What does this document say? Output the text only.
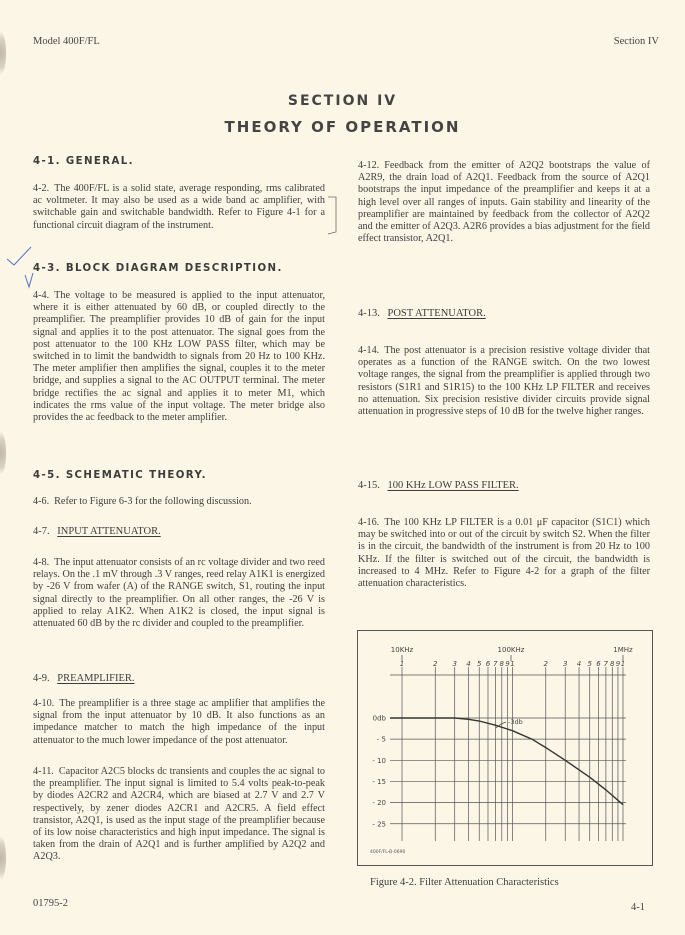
Model 400F/FL	Section IV
SECTION IV
THEORY OF OPERATION
4-1. GENERAL.

4-2. The 400F/FL is a solid state, average responding, rms calibrated ac voltmeter. It may also be used as a wide band ac amplifier, with switchable gain and switchable bandwidth. Refer to Figure 4-1 for a functional circuit diagram of the instrument.

4-3. BLOCK DIAGRAM DESCRIPTION.

4-4. The voltage to be measured is applied to the input attenuator, where it is either attenuated by 60 dB, or coupled directly to the preamplifier. The preamplifier provides 10 dB of gain for the input signal and applies it to the post attenuator. The signal goes from the post attenuator to the 100 KHz LOW PASS filter, which may be switched in to limit the bandwidth to signals from 20 Hz to 100 KHz. The meter amplifier then amplifies the signal, couples it to the meter bridge, and supplies a signal to the AC OUTPUT terminal. The meter bridge rectifies the ac signal and applies it to meter M1, which indicates the rms value of the input voltage. The meter bridge also provides the ac feedback to the meter amplifier.

4-5. SCHEMATIC THEORY.
4-6. Refer to Figure 6-3 for the following discussion.
4-7. INPUT ATTENUATOR.

4-8. The input attenuator consists of an rc voltage divider and two reed relays. On the .1 mV through .3 V ranges, reed relay A1K1 is energized by -26 V from wafer (A) of the RANGE switch, S1, routing the input signal directly to the preamplifier. On all other ranges, the -26 V is applied to relay A1K2. When A1K2 is closed, the input signal is attenuated 60 dB by the rc divider and coupled to the preamplifier.

4-9. PREAMPLIFIER.

4-10. The preamplifier is a three stage ac amplifier that amplifies the signal from the input attenuator by 10 dB. It also functions as an impedance matcher to match the high impedance of the input attenuator to the much lower impedance of the post attenuator.

4-11. Capacitor A2C5 blocks dc transients and couples the ac signal to the preamplifier. The input signal is limited to 5.4 volts peak-to-peak by diodes A2CR2 and A2CR4, which are biased at 2.7 V and 2.7 V respectively, by zener diodes A2CR1 and A2CR5. A field effect transistor, A2Q1, is used as the input stage of the preamplifier because of its low noise characteristics and high input impedance. The signal is taken from the drain of A2Q1 and is further amplified by A2Q2 and A2Q3.

4-12. Feedback from the emitter of A2Q2 bootstraps the value of A2R9, the drain load of A2Q1. Feedback from the source of A2Q1 bootstraps the input impedance of the preamplifier and keeps it at a high level over all ranges of inputs. Gain stability and linearity of the preamplifier are maintained by feedback from the collector of A2Q2 and the emitter of A2Q3. A2R6 provides a bias adjustment for the field effect transistor, A2Q1.

4-13. POST ATTENUATOR.

4-14. The post attenuator is a precision resistive voltage divider that operates as a function of the RANGE switch. On the two lowest voltage ranges, the signal from the preamplifier is applied through two resistors (S1R1 and S1R15) to the 100 KHz LP FILTER and receives no attenuation. Six precision resistive divider circuits provide signal attenuation in progressive steps of 10 dB for the twelve higher ranges.

4-15. 100 KHz LOW PASS FILTER.

4-16. The 100 KHz LP FILTER is a 0.01 μF capacitor (S1C1) which may be switched into or out of the circuit by switch S2. When the filter is in the circuit, the bandwidth of the instrument is from 20 Hz to 100 KHz. If the filter is switched out of the circuit, the bandwidth is increased to 4 MHz. Refer to Figure 4-2 for a graph of the filter attenuation characteristics.

10KHz	100KHz	1MHz
1	2 3 4 5 6 7 8 9 1	2 3 4 5 6 7 8 9 1
0db
- 5
- 10
- 15
- 20
- 25
-3db
400F/FL-B-0690
Figure 4-2. Filter Attenuation Characteristics
01795-2	4-1
